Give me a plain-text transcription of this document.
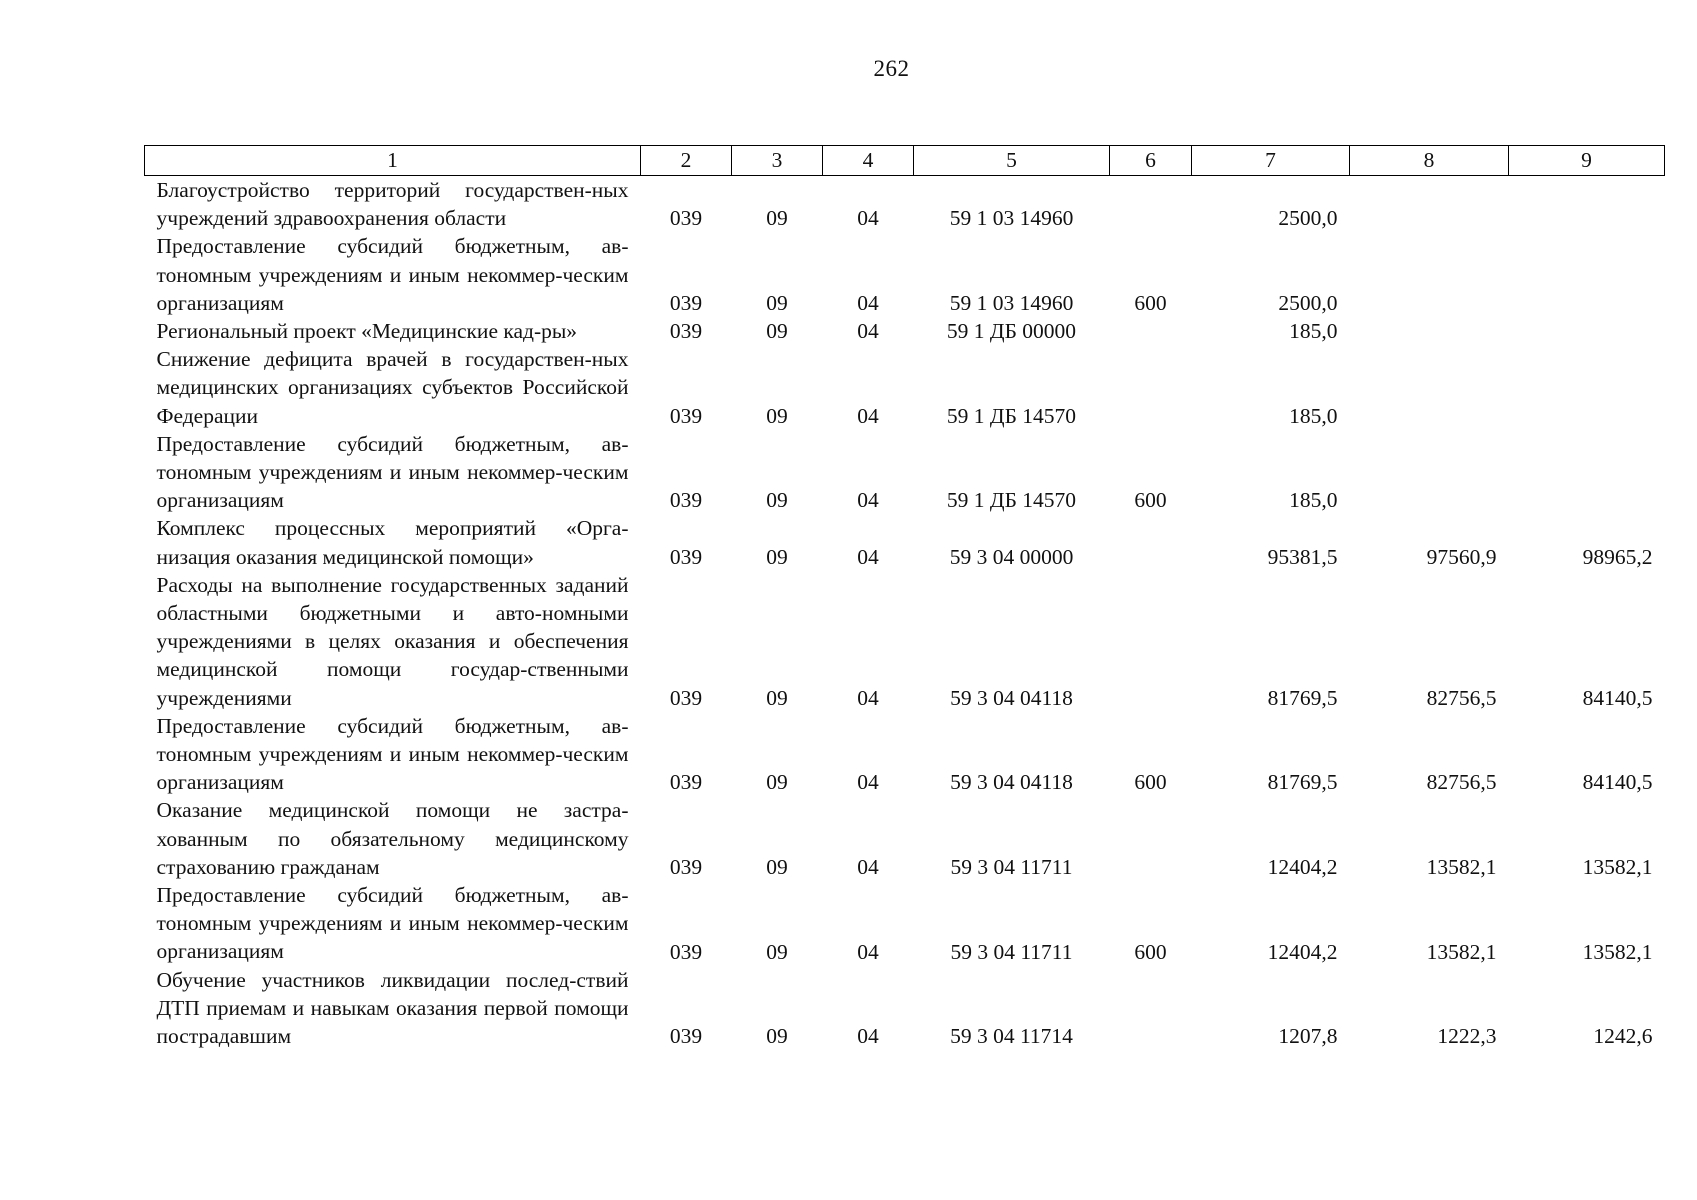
262
1	2	3	4	5	6	7	8	9
Благоустройство территорий государствен-ных учреждений здравоохранения области	039	09	04	59 1 03 14960		2500,0		
Предоставление субсидий бюджетным, ав-тономным учреждениям и иным некоммер-ческим организациям	039	09	04	59 1 03 14960	600	2500,0		
Региональный проект «Медицинские кад-ры»	039	09	04	59 1 ДБ 00000		185,0		
Снижение дефицита врачей в государствен-ных медицинских организациях субъектов Российской Федерации	039	09	04	59 1 ДБ 14570		185,0		
Предоставление субсидий бюджетным, ав-тономным учреждениям и иным некоммер-ческим организациям	039	09	04	59 1 ДБ 14570	600	185,0		
Комплекс процессных мероприятий «Орга-низация оказания медицинской помощи»	039	09	04	59 3 04 00000		95381,5	97560,9	98965,2
Расходы на выполнение государственных заданий областными бюджетными и авто-номными учреждениями в целях оказания и обеспечения медицинской помощи государ-ственными учреждениями	039	09	04	59 3 04 04118		81769,5	82756,5	84140,5
Предоставление субсидий бюджетным, ав-тономным учреждениям и иным некоммер-ческим организациям	039	09	04	59 3 04 04118	600	81769,5	82756,5	84140,5
Оказание медицинской помощи не застра-хованным по обязательному медицинскому страхованию гражданам	039	09	04	59 3 04 11711		12404,2	13582,1	13582,1
Предоставление субсидий бюджетным, ав-тономным учреждениям и иным некоммер-ческим организациям	039	09	04	59 3 04 11711	600	12404,2	13582,1	13582,1
Обучение участников ликвидации послед-ствий ДТП приемам и навыкам оказания первой помощи пострадавшим	039	09	04	59 3 04 11714		1207,8	1222,3	1242,6
